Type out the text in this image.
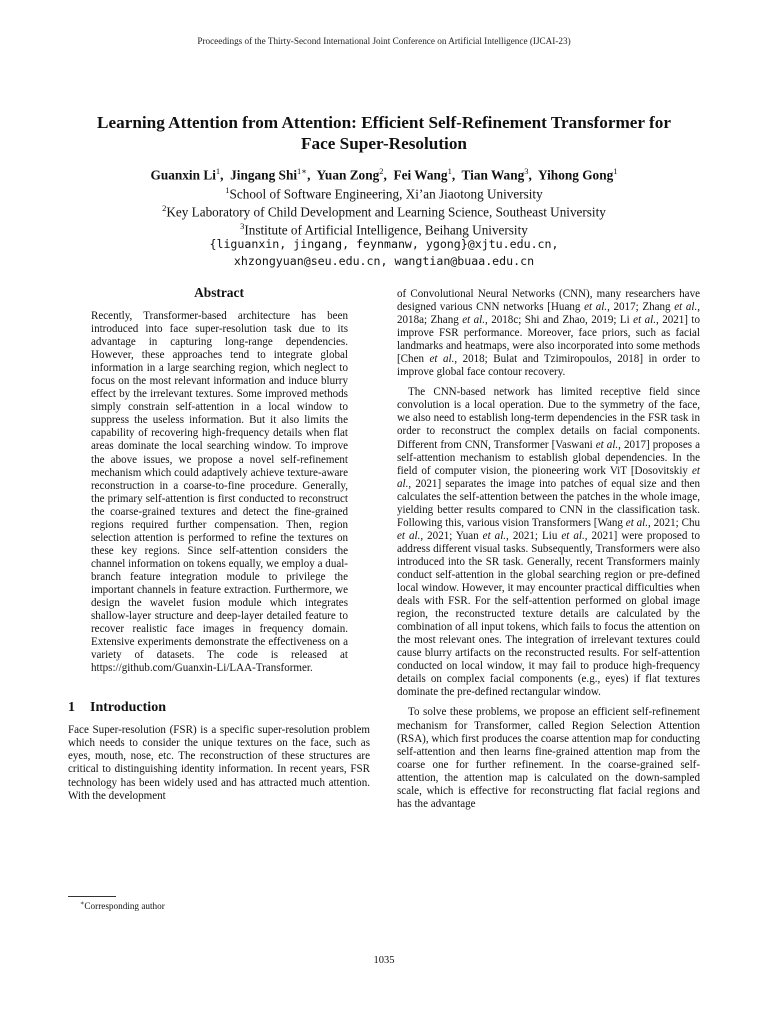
Proceedings of the Thirty-Second International Joint Conference on Artificial Intelligence (IJCAI-23)
Learning Attention from Attention: Efficient Self-Refinement Transformer for
Face Super-Resolution
Guanxin Li$^1$,  Jingang Shi$^{1∗}$,  Yuan Zong$^2$,  Fei Wang$^1$,  Tian Wang$^3$,  Yihong Gong$^1$
$^1$School of Software Engineering, Xi’an Jiaotong University
$^2$Key Laboratory of Child Development and Learning Science, Southeast University
$^3$Institute of Artificial Intelligence, Beihang University
{liguanxin, jingang, feynmanw, ygong}@xjtu.edu.cn,
xhzongyuan@seu.edu.cn, wangtian@buaa.edu.cn
Abstract

Recently, Transformer-based architecture has been introduced into face super-resolution task due to its advantage in capturing long-range dependencies. However, these approaches tend to integrate global information in a large searching region, which neglect to focus on the most relevant information and induce blurry effect by the irrelevant textures. Some improved methods simply constrain self-attention in a local window to suppress the useless information. But it also limits the capability of recovering high-frequency details when flat areas dominate the local searching window. To improve the above issues, we propose a novel self-refinement mechanism which could adaptively achieve texture-aware reconstruction in a coarse-to-fine procedure. Generally, the primary self-attention is first conducted to reconstruct the coarse-grained textures and detect the fine-grained regions required further compensation. Then, region selection attention is performed to refine the textures on these key regions. Since self-attention considers the channel information on tokens equally, we employ a dual-branch feature integration module to privilege the important channels in feature extraction. Furthermore, we design the wavelet fusion module which integrates shallow-layer structure and deep-layer detailed feature to recover realistic face images in frequency domain. Extensive experiments demonstrate the effectiveness on a variety of datasets. The code is released at https://github.com/Guanxin-Li/LAA-Transformer.

1 Introduction

Face Super-resolution (FSR) is a specific super-resolution problem which needs to consider the unique textures on the face, such as eyes, mouth, nose, etc. The reconstruction of these structures are critical to distinguishing identity information. In recent years, FSR technology has been widely used and has attracted much attention. With the development

of Convolutional Neural Networks (CNN), many researchers have designed various CNN networks [Huang et al., 2017; Zhang et al., 2018a; Zhang et al., 2018c; Shi and Zhao, 2019; Li et al., 2021] to improve FSR performance. Moreover, face priors, such as facial landmarks and heatmaps, were also incorporated into some methods [Chen et al., 2018; Bulat and Tzimiropoulos, 2018] in order to improve global face contour recovery.

The CNN-based network has limited receptive field since convolution is a local operation. Due to the symmetry of the face, we also need to establish long-term dependencies in the FSR task in order to reconstruct the complex details on facial components. Different from CNN, Transformer [Vaswani et al., 2017] proposes a self-attention mechanism to establish global dependencies. In the field of computer vision, the pioneering work ViT [Dosovitskiy et al., 2021] separates the image into patches of equal size and then calculates the self-attention between the patches in the whole image, yielding better results compared to CNN in the classification task. Following this, various vision Transformers [Wang et al., 2021; Chu et al., 2021; Yuan et al., 2021; Liu et al., 2021] were proposed to address different visual tasks. Subsequently, Transformers were also introduced into the SR task. Generally, recent Transformers mainly conduct self-attention in the global searching region or pre-defined local window. However, it may encounter practical difficulties when deals with FSR. For the self-attention performed on global image region, the reconstructed texture details are calculated by the combination of all input tokens, which fails to focus the attention on the most relevant ones. The integration of irrelevant textures could cause blurry artifacts on the reconstructed results. For self-attention conducted on local window, it may fail to produce high-frequency details on complex facial components (e.g., eyes) if flat textures dominate the pre-defined rectangular window.

To solve these problems, we propose an efficient self-refinement mechanism for Transformer, called Region Selection Attention (RSA), which first produces the coarse attention map for conducting self-attention and then learns fine-grained attention map from the coarse one for further refinement. In the coarse-grained self-attention, the attention map is calculated on the down-sampled scale, which is effective for reconstructing flat facial regions and has the advantage

∗Corresponding author
1035
